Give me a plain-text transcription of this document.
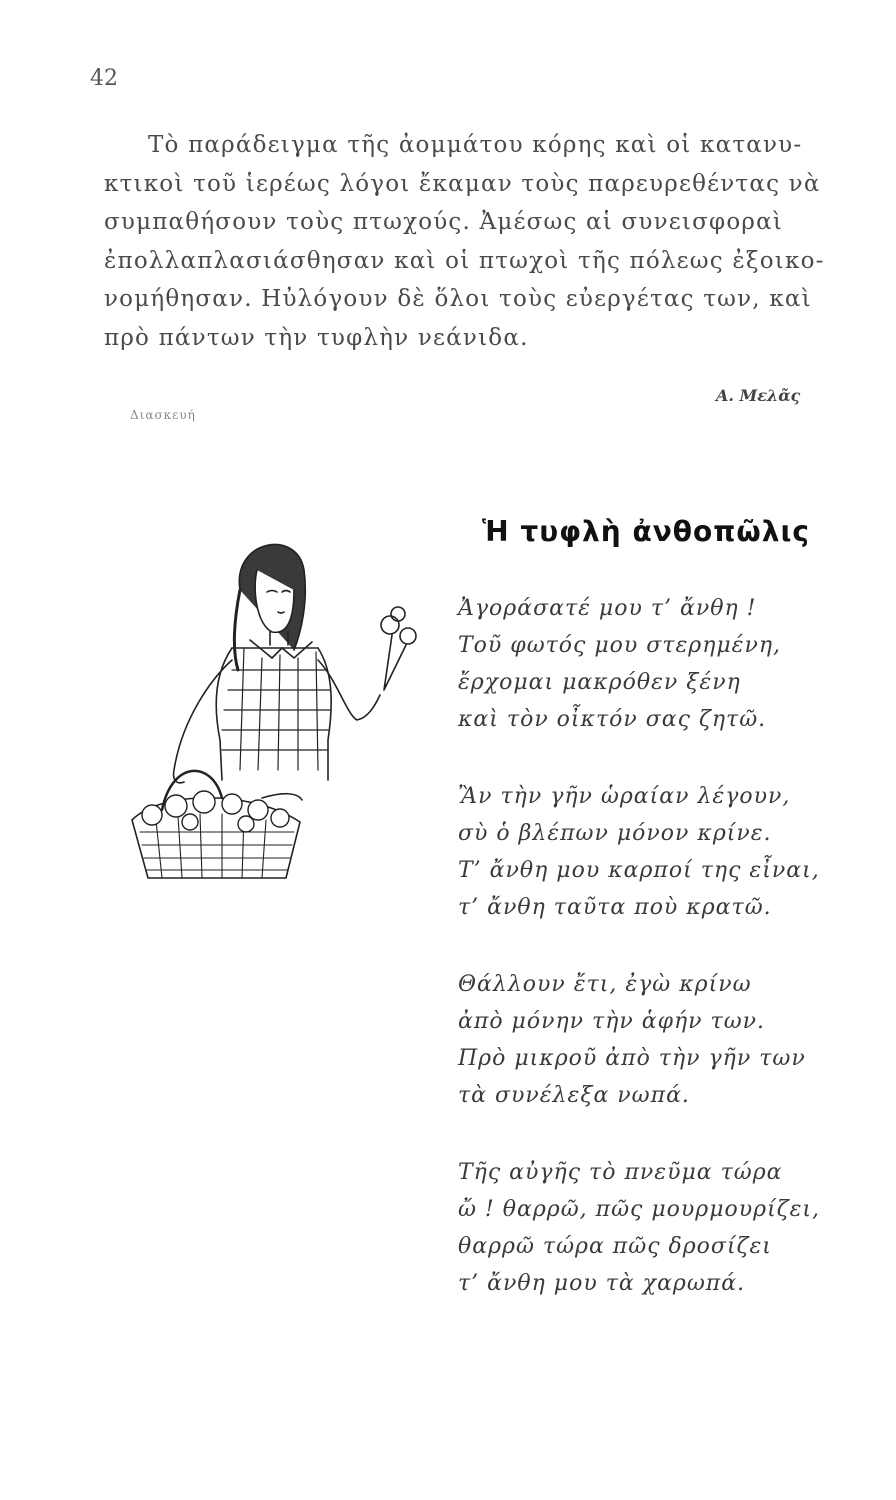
42
Τὸ παράδειγμα τῆς ἀομμάτου κόρης καὶ οἱ κατανυ-
κτικοὶ τοῦ ἱερέως λόγοι ἔκαμαν τοὺς παρευρεθέντας νὰ
συμπαθήσουν τοὺς πτωχούς. Ἀμέσως αἱ συνεισφοραὶ
ἐπολλαπλασιάσθησαν καὶ οἱ πτωχοὶ τῆς πόλεως ἐξοικο-
νομήθησαν. Ηὐλόγουν δὲ ὅλοι τοὺς εὐεργέτας των, καὶ
πρὸ πάντων τὴν τυφλὴν νεάνιδα.
Διασκευή
Α. Μελᾶς
Ἡ τυφλὴ ἀνθοπῶλις
Ἀγοράσατέ μου τ’ ἄνθη !
Τοῦ φωτός μου στερημένη,
ἔρχομαι μακρόθεν ξένη
καὶ τὸν οἶκτόν σας ζητῶ.
Ἂν τὴν γῆν ὡραίαν λέγουν,
σὺ ὁ βλέπων μόνον κρίνε.
Τ’ ἄνθη μου καρποί της εἶναι,
τ’ ἄνθη ταῦτα ποὺ κρατῶ.
Θάλλουν ἔτι, ἐγὼ κρίνω
ἀπὸ μόνην τὴν ἁφήν των.
Πρὸ μικροῦ ἀπὸ τὴν γῆν των
τὰ συνέλεξα νωπά.
Τῆς αὐγῆς τὸ πνεῦμα τώρα
ὤ ! θαρρῶ, πῶς μουρμουρίζει,
θαρρῶ τώρα πῶς δροσίζει
τ’ ἄνθη μου τὰ χαρωπά.
